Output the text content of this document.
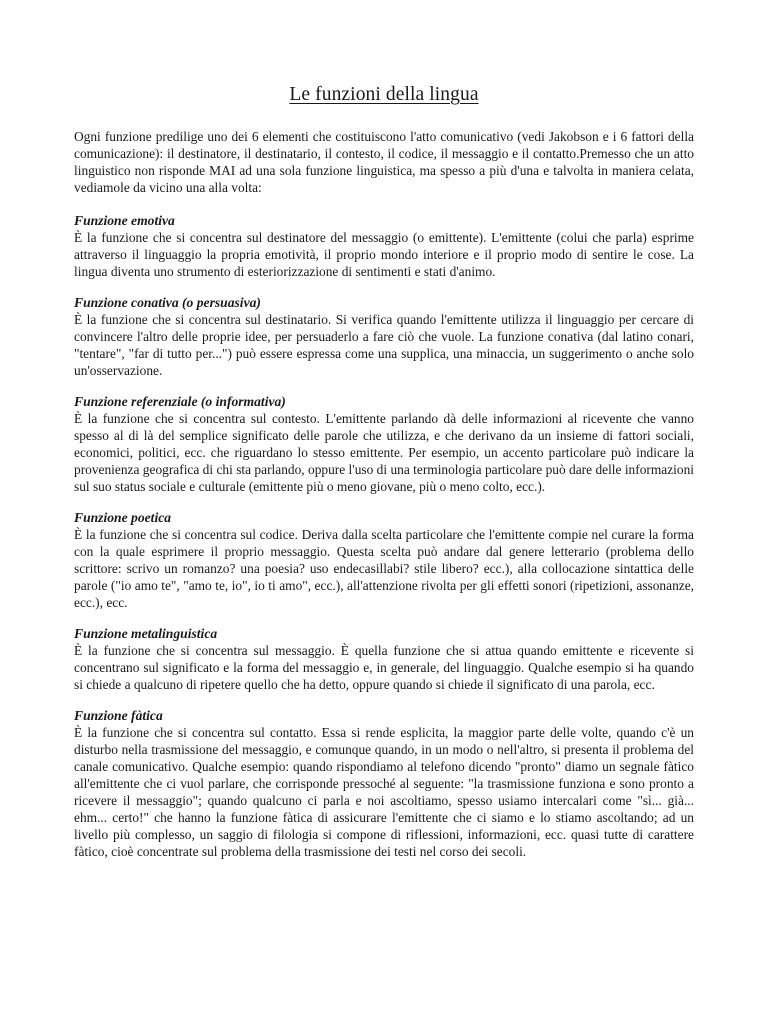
Le funzioni della lingua

Ogni funzione predilige uno dei 6 elementi che costituiscono l'atto comunicativo (vedi Jakobson e i 6 fattori della comunicazione): il destinatore, il destinatario, il contesto, il codice, il messaggio e il contatto.Premesso che un atto linguistico non risponde MAI ad una sola funzione linguistica, ma spesso a più d'una e talvolta in maniera celata, vediamole da vicino una alla volta:

Funzione emotiva

È la funzione che si concentra sul destinatore del messaggio (o emittente). L'emittente (colui che parla) esprime attraverso il linguaggio la propria emotività, il proprio mondo interiore e il proprio modo di sentire le cose. La lingua diventa uno strumento di esteriorizzazione di sentimenti e stati d'animo.

Funzione conativa (o persuasiva)

È la funzione che si concentra sul destinatario. Si verifica quando l'emittente utilizza il linguaggio per cercare di convincere l'altro delle proprie idee, per persuaderlo a fare ciò che vuole. La funzione conativa (dal latino conari, "tentare", "far di tutto per...") può essere espressa come una supplica, una minaccia, un suggerimento o anche solo un'osservazione.

Funzione referenziale (o informativa)

È la funzione che si concentra sul contesto. L'emittente parlando dà delle informazioni al ricevente che vanno spesso al di là del semplice significato delle parole che utilizza, e che derivano da un insieme di fattori sociali, economici, politici, ecc. che riguardano lo stesso emittente. Per esempio, un accento particolare può indicare la provenienza geografica di chi sta parlando, oppure l'uso di una terminologia particolare può dare delle informazioni sul suo status sociale e culturale (emittente più o meno giovane, più o meno colto, ecc.).

Funzione poetica

È la funzione che si concentra sul codice. Deriva dalla scelta particolare che l'emittente compie nel curare la forma con la quale esprimere il proprio messaggio. Questa scelta può andare dal genere letterario (problema dello scrittore: scrivo un romanzo? una poesia? uso endecasillabi? stile libero? ecc.), alla collocazione sintattica delle parole ("io amo te", "amo te, io", io ti amo", ecc.), all'attenzione rivolta per gli effetti sonori (ripetizioni, assonanze, ecc.), ecc.

Funzione metalinguistica

È la funzione che si concentra sul messaggio. È quella funzione che si attua quando emittente e ricevente si concentrano sul significato e la forma del messaggio e, in generale, del linguaggio. Qualche esempio si ha quando si chiede a qualcuno di ripetere quello che ha detto, oppure quando si chiede il significato di una parola, ecc.

Funzione fàtica

È la funzione che si concentra sul contatto. Essa si rende esplicita, la maggior parte delle volte, quando c'è un disturbo nella trasmissione del messaggio, e comunque quando, in un modo o nell'altro, si presenta il problema del canale comunicativo. Qualche esempio: quando rispondiamo al telefono dicendo "pronto" diamo un segnale fàtico all'emittente che ci vuol parlare, che corrisponde pressoché al seguente: "la trasmissione funziona e sono pronto a ricevere il messaggio"; quando qualcuno ci parla e noi ascoltiamo, spesso usiamo intercalari come "sì... già... ehm... certo!" che hanno la funzione fàtica di assicurare l'emittente che ci siamo e lo stiamo ascoltando; ad un livello più complesso, un saggio di filologia si compone di riflessioni, informazioni, ecc. quasi tutte di carattere fàtico, cioè concentrate sul problema della trasmissione dei testi nel corso dei secoli.
